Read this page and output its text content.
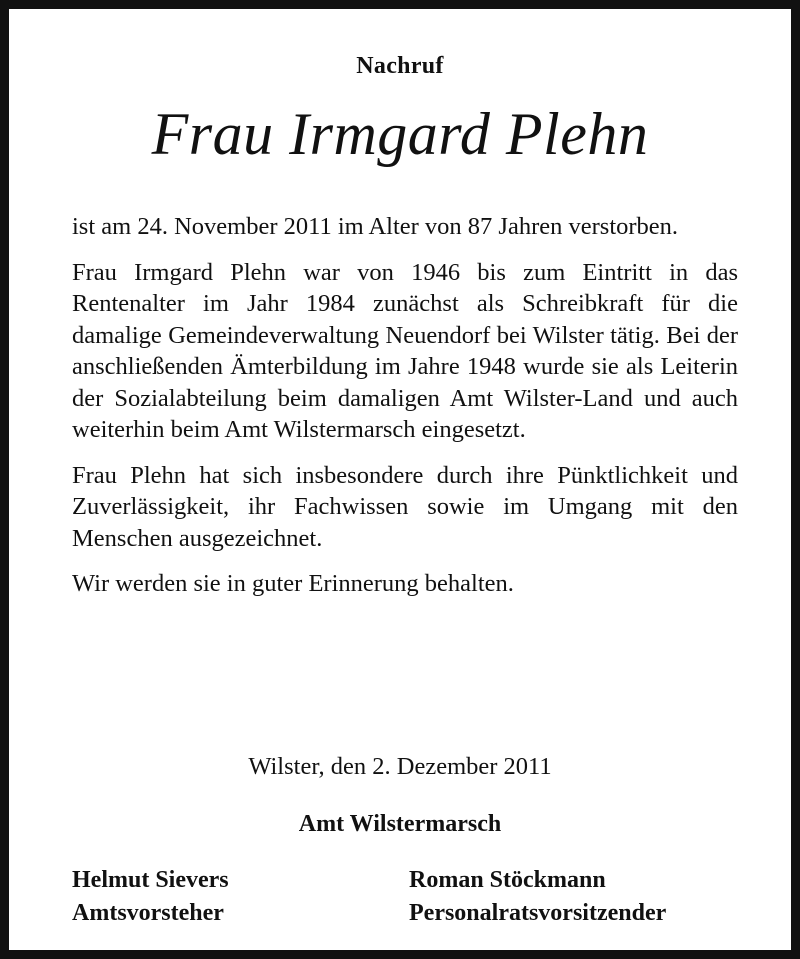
Nachruf
Frau Irmgard Plehn

ist am 24. November 2011 im Alter von 87 Jahren verstorben.

Frau Irmgard Plehn war von 1946 bis zum Eintritt in das Rentenalter im Jahr 1984 zunächst als Schreibkraft für die damalige Gemeindeverwaltung Neuendorf bei Wilster tätig. Bei der anschließenden Ämterbildung im Jahre 1948 wurde sie als Leiterin der Sozialabteilung beim damaligen Amt Wilster-Land und auch weiterhin beim Amt Wilstermarsch eingesetzt.

Frau Plehn hat sich insbesondere durch ihre Pünktlichkeit und Zuverlässigkeit, ihr Fachwissen sowie im Umgang mit den Menschen ausgezeichnet.

Wir werden sie in guter Erinnerung behalten.

Wilster, den 2. Dezember 2011
Amt Wilstermarsch
Helmut Sievers
Amtsvorsteher
Roman Stöckmann
Personalratsvorsitzender
